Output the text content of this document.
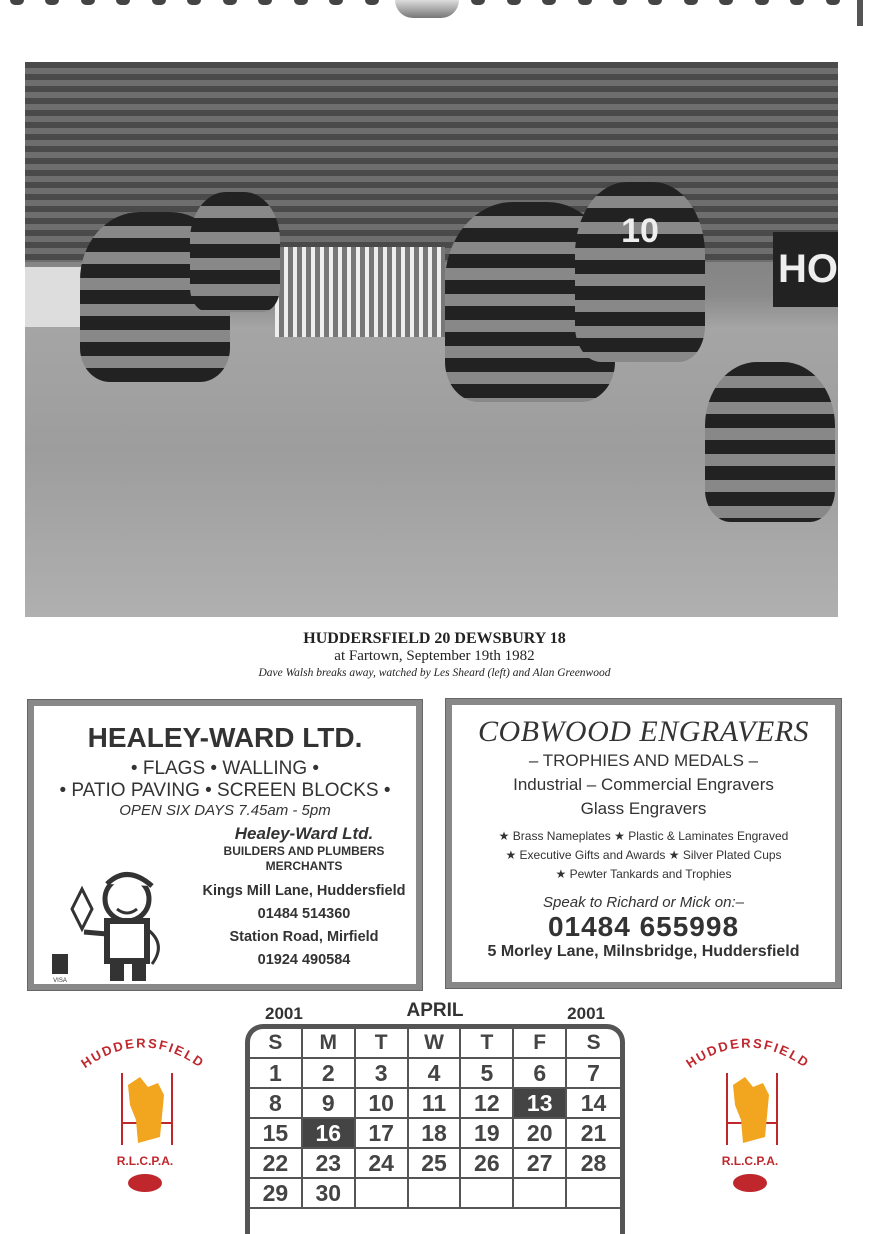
HO
10
HUDDERSFIELD 20 DEWSBURY 18
at Fartown, September 19th 1982
Dave Walsh breaks away, watched by Les Sheard (left) and Alan Greenwood
HEALEY-WARD LTD.
• FLAGS • WALLING •
• PATIO PAVING • SCREEN BLOCKS •
OPEN SIX DAYS 7.45am - 5pm
VISA
Healey-Ward Ltd.
BUILDERS AND PLUMBERS
MERCHANTS
Kings Mill Lane, Huddersfield
01484 514360
Station Road, Mirfield
01924 490584
COBWOOD ENGRAVERS
– TROPHIES AND MEDALS –
Industrial – Commercial Engravers
Glass Engravers
★ Brass Nameplates ★ Plastic & Laminates Engraved
★ Executive Gifts and Awards ★ Silver Plated Cups
★ Pewter Tankards and Trophies
Speak to Richard or Mick on:–
01484 655998
5 Morley Lane, Milnsbridge, Huddersfield
HUDDERSFIELD
R.L.C.P.A.
HUDDERSFIELD
R.L.C.P.A.
APRIL
2001	2001
S	M	T	W	T	F	S
1	2	3	4	5	6	7
8	9	10	11	12	13	14
15	16	17	18	19	20	21
22	23	24	25	26	27	28
29	30
